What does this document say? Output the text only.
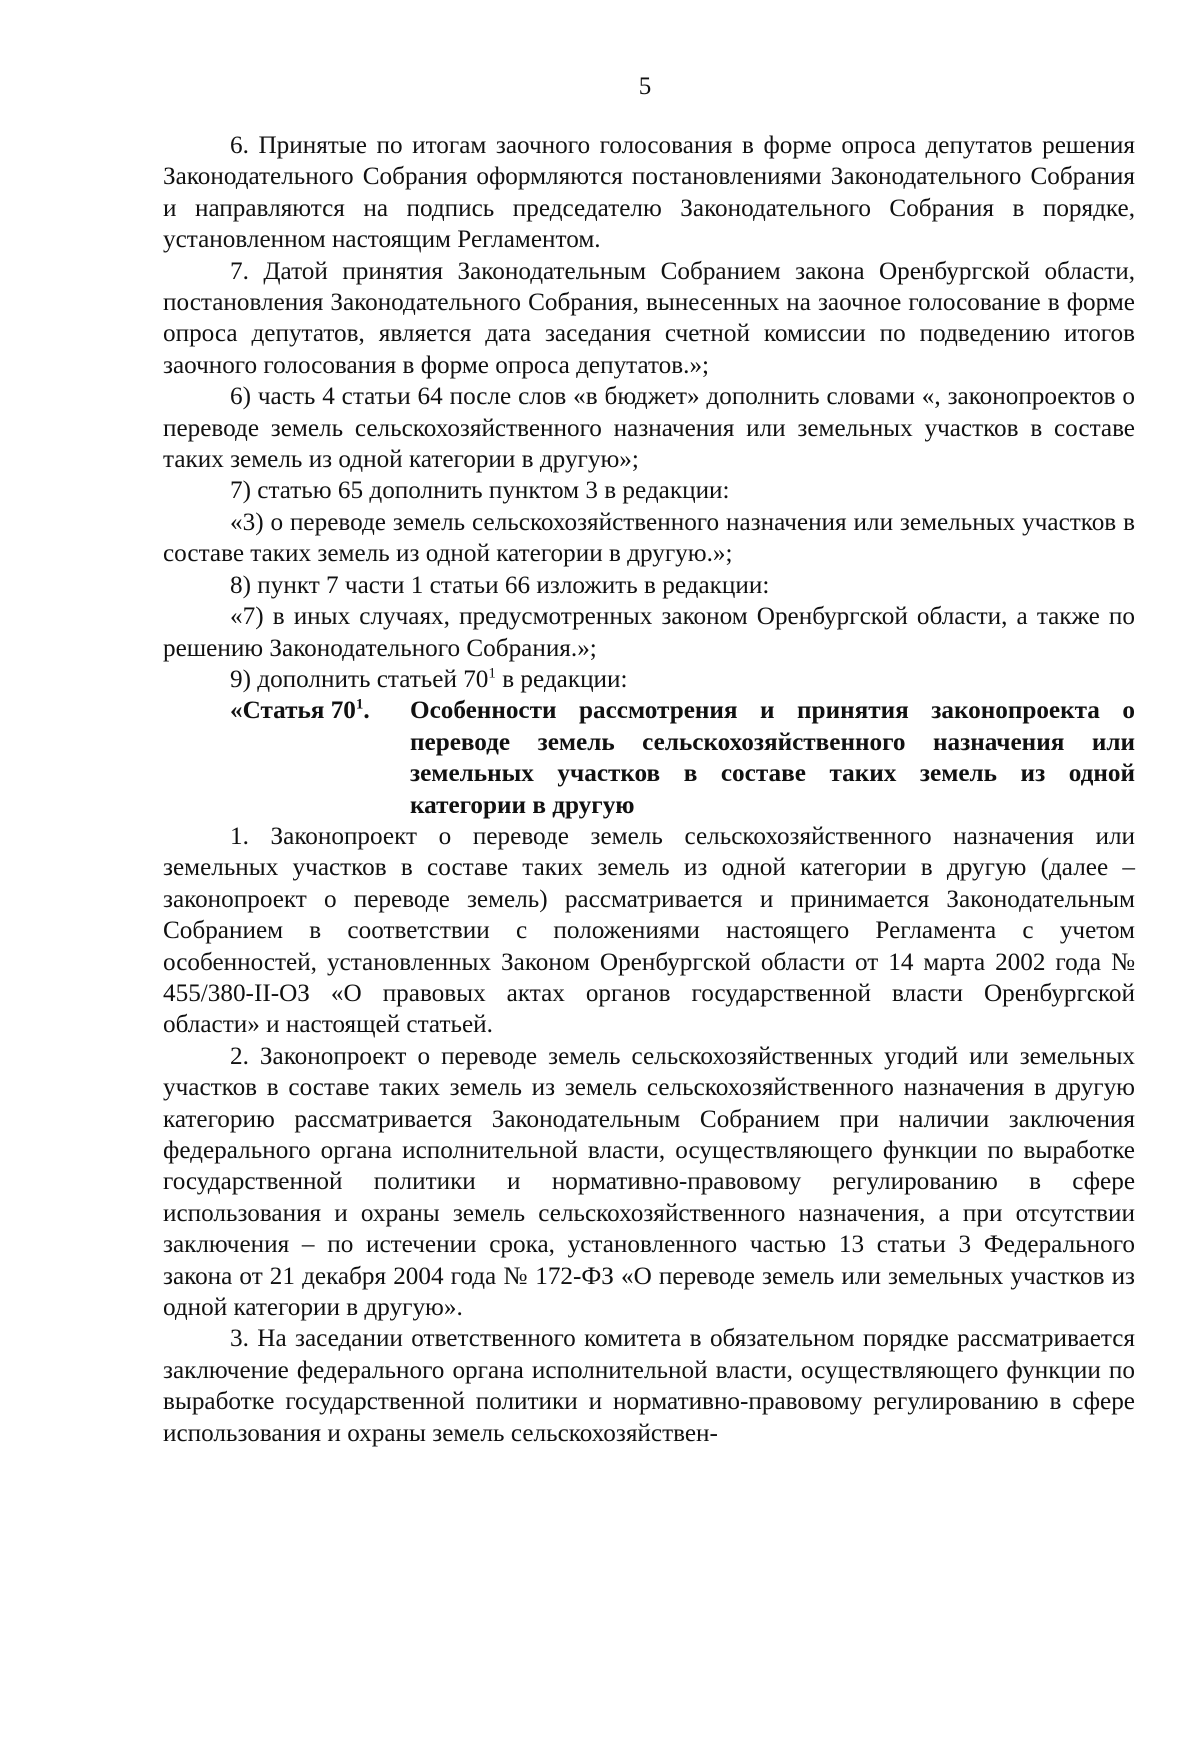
5

6. Принятые по итогам заочного голосования в форме опроса депутатов решения Законодательного Собрания оформляются постановлениями Законодательного Собрания и направляются на подпись председателю Законодательного Собрания в порядке, установленном настоящим Регламентом.

7. Датой принятия Законодательным Собранием закона Оренбургской области, постановления Законодательного Собрания, вынесенных на заочное голосование в форме опроса депутатов, является дата заседания счетной комиссии по подведению итогов заочного голосования в форме опроса депутатов.»;

6) часть 4 статьи 64 после слов «в бюджет» дополнить словами «, законопроектов о переводе земель сельскохозяйственного назначения или земельных участков в составе таких земель из одной категории в другую»;

7) статью 65 дополнить пунктом 3 в редакции:

«3) о переводе земель сельскохозяйственного назначения или земельных участков в составе таких земель из одной категории в другую.»;

8) пункт 7 части 1 статьи 66 изложить в редакции:

«7) в иных случаях, предусмотренных законом Оренбургской области, а также по решению Законодательного Собрания.»;

9) дополнить статьей $70^1$ в редакции:

«Статья $70^1$.	Особенности рассмотрения и принятия законопроекта о переводе земель сельскохозяйственного назначения или земельных участков в составе таких земель из одной категории в другую

1. Законопроект о переводе земель сельскохозяйственного назначения или земельных участков в составе таких земель из одной категории в другую (далее – законопроект о переводе земель) рассматривается и принимается Законодательным Собранием в соответствии с положениями настоящего Регламента с учетом особенностей, установленных Законом Оренбургской области от 14 марта 2002 года № 455/380-II-ОЗ «О правовых актах органов государственной власти Оренбургской области» и настоящей статьей.

2. Законопроект о переводе земель сельскохозяйственных угодий или земельных участков в составе таких земель из земель сельскохозяйственного назначения в другую категорию рассматривается Законодательным Собранием при наличии заключения федерального органа исполнительной власти, осуществляющего функции по выработке государственной политики и нормативно-правовому регулированию в сфере использования и охраны земель сельскохозяйственного назначения, а при отсутствии заключения – по истечении срока, установленного частью 13 статьи 3 Федерального закона от 21 декабря 2004 года № 172-ФЗ «О переводе земель или земельных участков из одной категории в другую».

3. На заседании ответственного комитета в обязательном порядке рассматривается заключение федерального органа исполнительной власти, осуществляющего функции по выработке государственной политики и нормативно-правовому регулированию в сфере использования и охраны земель сельскохозяйствен-
